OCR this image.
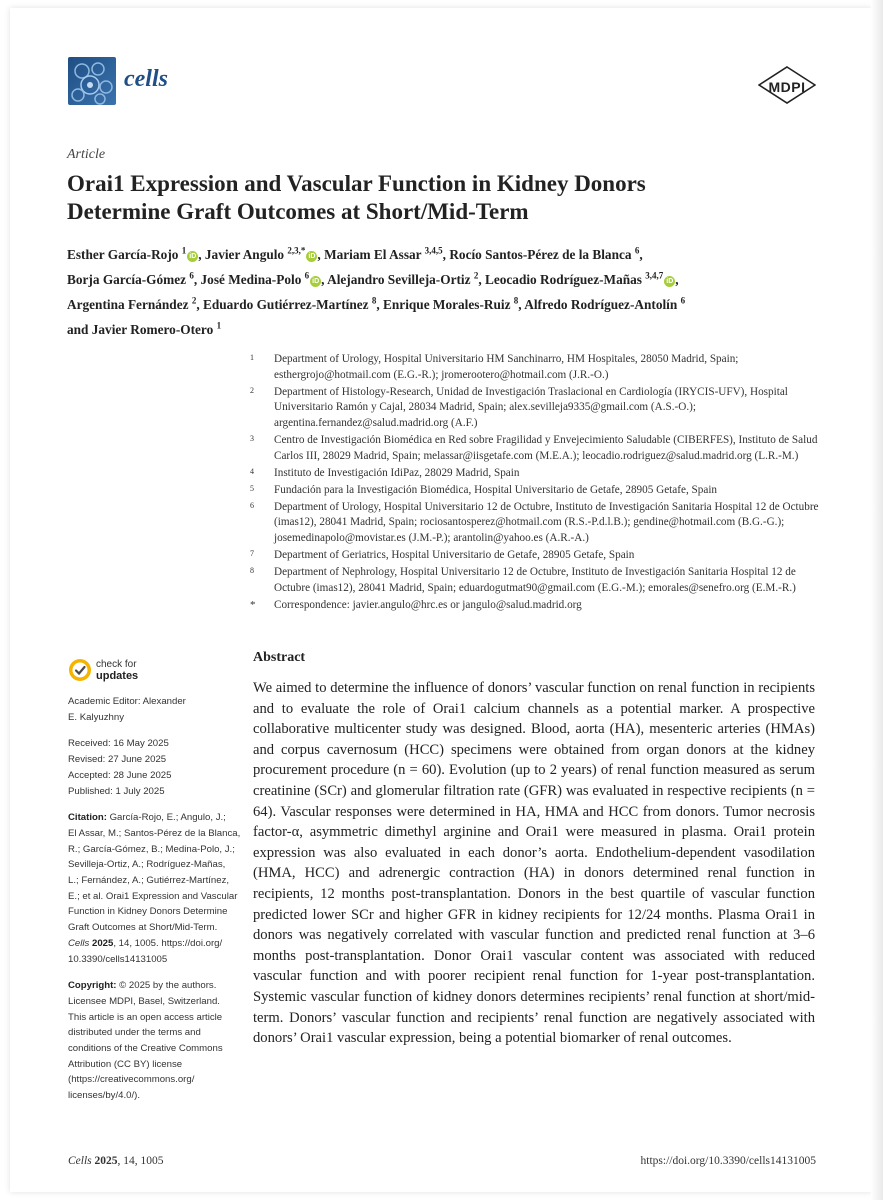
cells	MDPI
Article
Orai1 Expression and Vascular Function in Kidney Donors
Determine Graft Outcomes at Short/Mid-Term
Esther García-Rojo $^1$iD , Javier Angulo $^{2,3,*}$iD , Mariam El Assar $^{3,4,5}$, Rocío Santos-Pérez de la Blanca $^6$,
Borja García-Gómez $^6$, José Medina-Polo $^6$iD , Alejandro Sevilleja-Ortiz $^2$, Leocadio Rodríguez-Mañas $^{3,4,7}$iD ,
Argentina Fernández $^2$, Eduardo Gutiérrez-Martínez $^8$, Enrique Morales-Ruiz $^8$, Alfredo Rodríguez-Antolín $^6$
and Javier Romero-Otero $^1$
1 Department of Urology, Hospital Universitario HM Sanchinarro, HM Hospitales, 28050 Madrid, Spain; esthergrojo@hotmail.com (E.G.-R.); jromerootero@hotmail.com (J.R.-O.)
2 Department of Histology-Research, Unidad de Investigación Traslacional en Cardiología (IRYCIS-UFV), Hospital Universitario Ramón y Cajal, 28034 Madrid, Spain; alex.sevilleja9335@gmail.com (A.S.-O.); argentina.fernandez@salud.madrid.org (A.F.)
3 Centro de Investigación Biomédica en Red sobre Fragilidad y Envejecimiento Saludable (CIBERFES), Instituto de Salud Carlos III, 28029 Madrid, Spain; melassar@iisgetafe.com (M.E.A.); leocadio.rodriguez@salud.madrid.org (L.R.-M.)
4 Instituto de Investigación IdiPaz, 28029 Madrid, Spain
5 Fundación para la Investigación Biomédica, Hospital Universitario de Getafe, 28905 Getafe, Spain
6 Department of Urology, Hospital Universitario 12 de Octubre, Instituto de Investigación Sanitaria Hospital 12 de Octubre (imas12), 28041 Madrid, Spain; rociosantosperez@hotmail.com (R.S.-P.d.l.B.); gendine@hotmail.com (B.G.-G.); josemedinapolo@movistar.es (J.M.-P.); arantolin@yahoo.es (A.R.-A.)
7 Department of Geriatrics, Hospital Universitario de Getafe, 28905 Getafe, Spain
8 Department of Nephrology, Hospital Universitario 12 de Octubre, Instituto de Investigación Sanitaria Hospital 12 de Octubre (imas12), 28041 Madrid, Spain; eduardogutmat90@gmail.com (E.G.-M.); emorales@senefro.org (E.M.-R.)
* Correspondence: javier.angulo@hrc.es or jangulo@salud.madrid.org
check for
updates

Academic Editor: Alexander

E. Kalyuzhny

Received: 16 May 2025

Revised: 27 June 2025

Accepted: 28 June 2025

Published: 1 July 2025

Citation: García-Rojo, E.; Angulo, J.;

El Assar, M.; Santos-Pérez de la Blanca,

R.; García-Gómez, B.; Medina-Polo, J.;

Sevilleja-Ortiz, A.; Rodríguez-Mañas,

L.; Fernández, A.; Gutiérrez-Martínez,

E.; et al. Orai1 Expression and Vascular

Function in Kidney Donors Determine

Graft Outcomes at Short/Mid-Term.

Cells 2025, 14, 1005. https://doi.org/

10.3390/cells14131005

Copyright: © 2025 by the authors.

Licensee MDPI, Basel, Switzerland.

This article is an open access article

distributed under the terms and

conditions of the Creative Commons

Attribution (CC BY) license

(https://creativecommons.org/

licenses/by/4.0/).

Abstract
We aimed to determine the influence of donors’ vascular function on renal function in recipients and to evaluate the role of Orai1 calcium channels as a potential marker. A prospective collaborative multicenter study was designed. Blood, aorta (HA), mesenteric arteries (HMAs) and corpus cavernosum (HCC) specimens were obtained from organ donors at the kidney procurement procedure (n = 60). Evolution (up to 2 years) of renal function measured as serum creatinine (SCr) and glomerular filtration rate (GFR) was evaluated in respective recipients (n = 64). Vascular responses were determined in HA, HMA and HCC from donors. Tumor necrosis factor-α, asymmetric dimethyl arginine and Orai1 were measured in plasma. Orai1 protein expression was also evaluated in each donor’s aorta. Endothelium-dependent vasodilation (HMA, HCC) and adrenergic contraction (HA) in donors determined renal function in recipients, 12 months post-transplantation. Donors in the best quartile of vascular function predicted lower SCr and higher GFR in kidney recipients for 12/24 months. Plasma Orai1 in donors was negatively correlated with vascular function and predicted renal function at 3–6 months post-transplantation. Donor Orai1 vascular content was associated with reduced vascular function and with poorer recipient renal function for 1-year post-transplantation. Systemic vascular function of kidney donors determines recipients’ renal function at short/mid-term. Donors’ vascular function and recipients’ renal function are negatively associated with donors’ Orai1 vascular expression, being a potential biomarker of renal outcomes.
Cells 2025, 14, 1005	https://doi.org/10.3390/cells14131005
